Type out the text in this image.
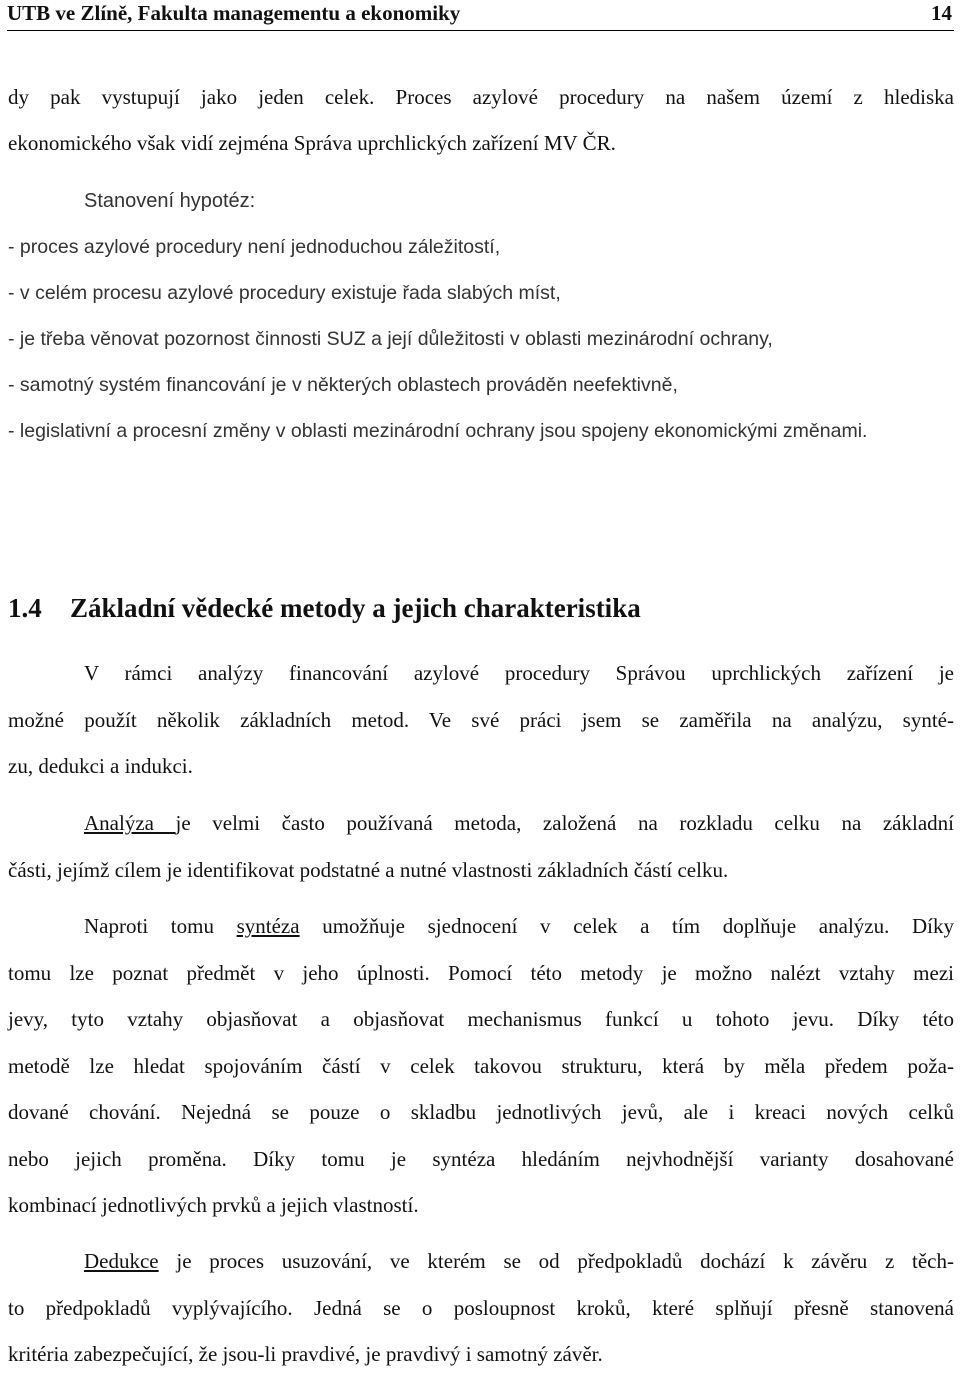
UTB ve Zlíně, Fakulta managementu a ekonomiky	14
dy pak vystupují jako jeden celek. Proces azylové procedury na našem území z hlediska
ekonomického však vidí zejména Správa uprchlických zařízení MV ČR.
Stanovení hypotéz:
- proces azylové procedury není jednoduchou záležitostí,
- v celém procesu azylové procedury existuje řada slabých míst,
- je třeba věnovat pozornost činnosti SUZ a její důležitosti v oblasti mezinárodní ochrany,
- samotný systém financování je v některých oblastech prováděn neefektivně,
- legislativní a procesní změny v oblasti mezinárodní ochrany jsou spojeny ekonomickými změnami.
1.4 Základní vědecké metody a jejich charakteristika
V rámci analýzy financování azylové procedury Správou uprchlických zařízení je
možné použít několik základních metod. Ve své práci jsem se zaměřila na analýzu, synté-
zu, dedukci a indukci.
Analýza je velmi často používaná metoda, založená na rozkladu celku na základní
části, jejímž cílem je identifikovat podstatné a nutné vlastnosti základních částí celku.
Naproti tomu syntéza umožňuje sjednocení v celek a tím doplňuje analýzu. Díky
tomu lze poznat předmět v jeho úplnosti. Pomocí této metody je možno nalézt vztahy mezi
jevy, tyto vztahy objasňovat a objasňovat mechanismus funkcí u tohoto jevu. Díky této
metodě lze hledat spojováním částí v celek takovou strukturu, která by měla předem poža-
dované chování. Nejedná se pouze o skladbu jednotlivých jevů, ale i kreaci nových celků
nebo jejich proměna. Díky tomu je syntéza hledáním nejvhodnější varianty dosahované
kombinací jednotlivých prvků a jejich vlastností.
Dedukce je proces usuzování, ve kterém se od předpokladů dochází k závěru z těch-
to předpokladů vyplývajícího. Jedná se o posloupnost kroků, které splňují přesně stanovená
kritéria zabezpečující, že jsou-li pravdivé, je pravdivý i samotný závěr.
